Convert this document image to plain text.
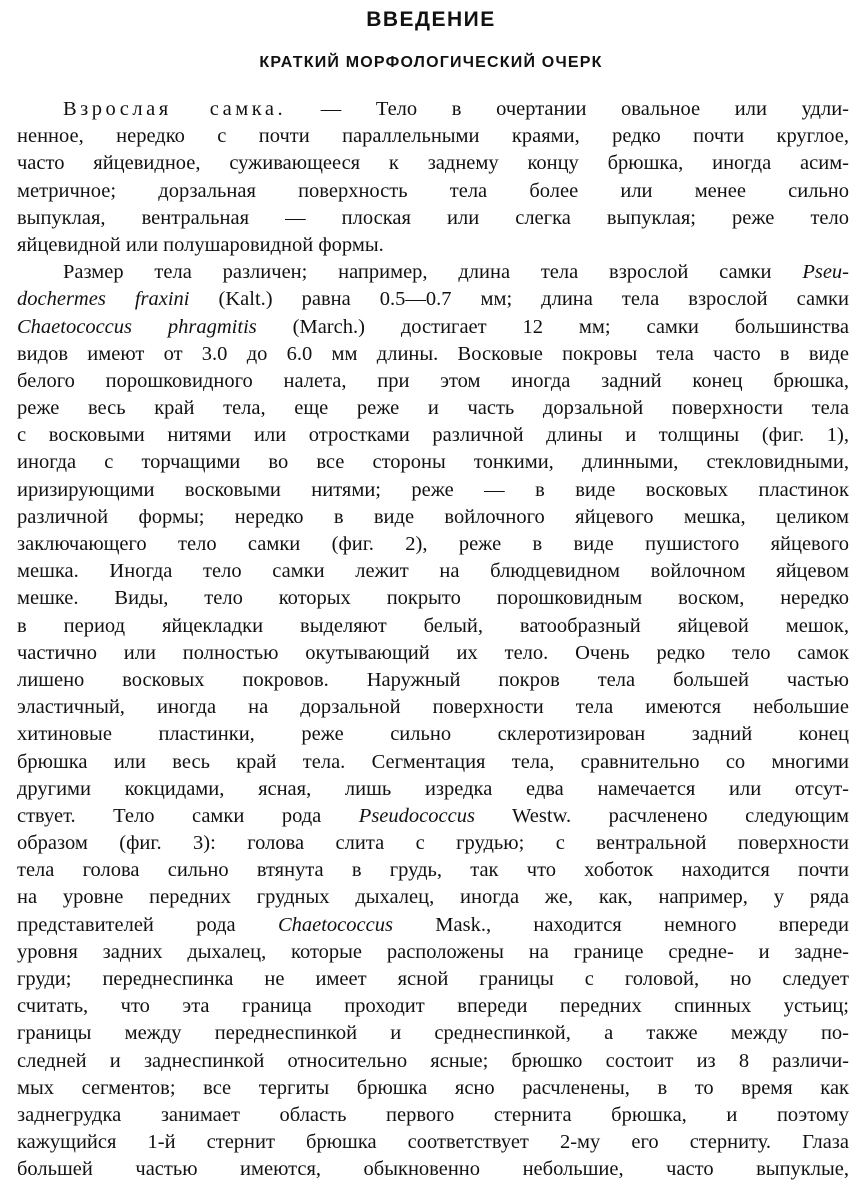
ВВЕДЕНИЕ
КРАТКИЙ МОРФОЛОГИЧЕСКИЙ ОЧЕРК
Взрослая самка. — Тело в очертании овальное или удли-
ненное, нередко с почти параллельными краями, редко почти круглое,
часто яйцевидное, суживающееся к заднему концу брюшка, иногда асим-
метричное; дорзальная поверхность тела более или менее сильно
выпуклая, вентральная — плоская или слегка выпуклая; реже тело
яйцевидной или полушаровидной формы.
Размер тела различен; например, длина тела взрослой самки Pseu-
dochermes fraxini (Kalt.) равна 0.5—0.7 мм; длина тела взрослой самки
Chaetococcus phragmitis (March.) достигает 12 мм; самки большинства
видов имеют от 3.0 до 6.0 мм длины. Восковые покровы тела часто в виде
белого порошковидного налета, при этом иногда задний конец брюшка,
реже весь край тела, еще реже и часть дорзальной поверхности тела
с восковыми нитями или отростками различной длины и толщины (фиг. 1),
иногда с торчащими во все стороны тонкими, длинными, стекловидными,
иризирующими восковыми нитями; реже — в виде восковых пластинок
различной формы; нередко в виде войлочного яйцевого мешка, целиком
заключающего тело самки (фиг. 2), реже в виде пушистого яйцевого
мешка. Иногда тело самки лежит на блюдцевидном войлочном яйцевом
мешке. Виды, тело которых покрыто порошковидным воском, нередко
в период яйцекладки выделяют белый, ватообразный яйцевой мешок,
частично или полностью окутывающий их тело. Очень редко тело самок
лишено восковых покровов. Наружный покров тела большей частью
эластичный, иногда на дорзальной поверхности тела имеются небольшие
хитиновые пластинки, реже сильно склеротизирован задний конец
брюшка или весь край тела. Сегментация тела, сравнительно со многими
другими кокцидами, ясная, лишь изредка едва намечается или отсут-
ствует. Тело самки рода Pseudococcus Westw. расчленено следующим
образом (фиг. 3): голова слита с грудью; с вентральной поверхности
тела голова сильно втянута в грудь, так что хоботок находится почти
на уровне передних грудных дыхалец, иногда же, как, например, у ряда
представителей рода Chaetococcus Mask., находится немного впереди
уровня задних дыхалец, которые расположены на границе средне- и задне-
груди; переднеспинка не имеет ясной границы с головой, но следует
считать, что эта граница проходит впереди передних спинных устьиц;
границы между переднеспинкой и среднеспинкой, а также между по-
следней и заднеспинкой относительно ясные; брюшко состоит из 8 различи-
мых сегментов; все тергиты брюшка ясно расчленены, в то время как
заднегрудка занимает область первого стернита брюшка, и поэтому
кажущийся 1-й стернит брюшка соответствует 2-му его стерниту. Глаза
большей частью имеются, обыкновенно небольшие, часто выпуклые,
